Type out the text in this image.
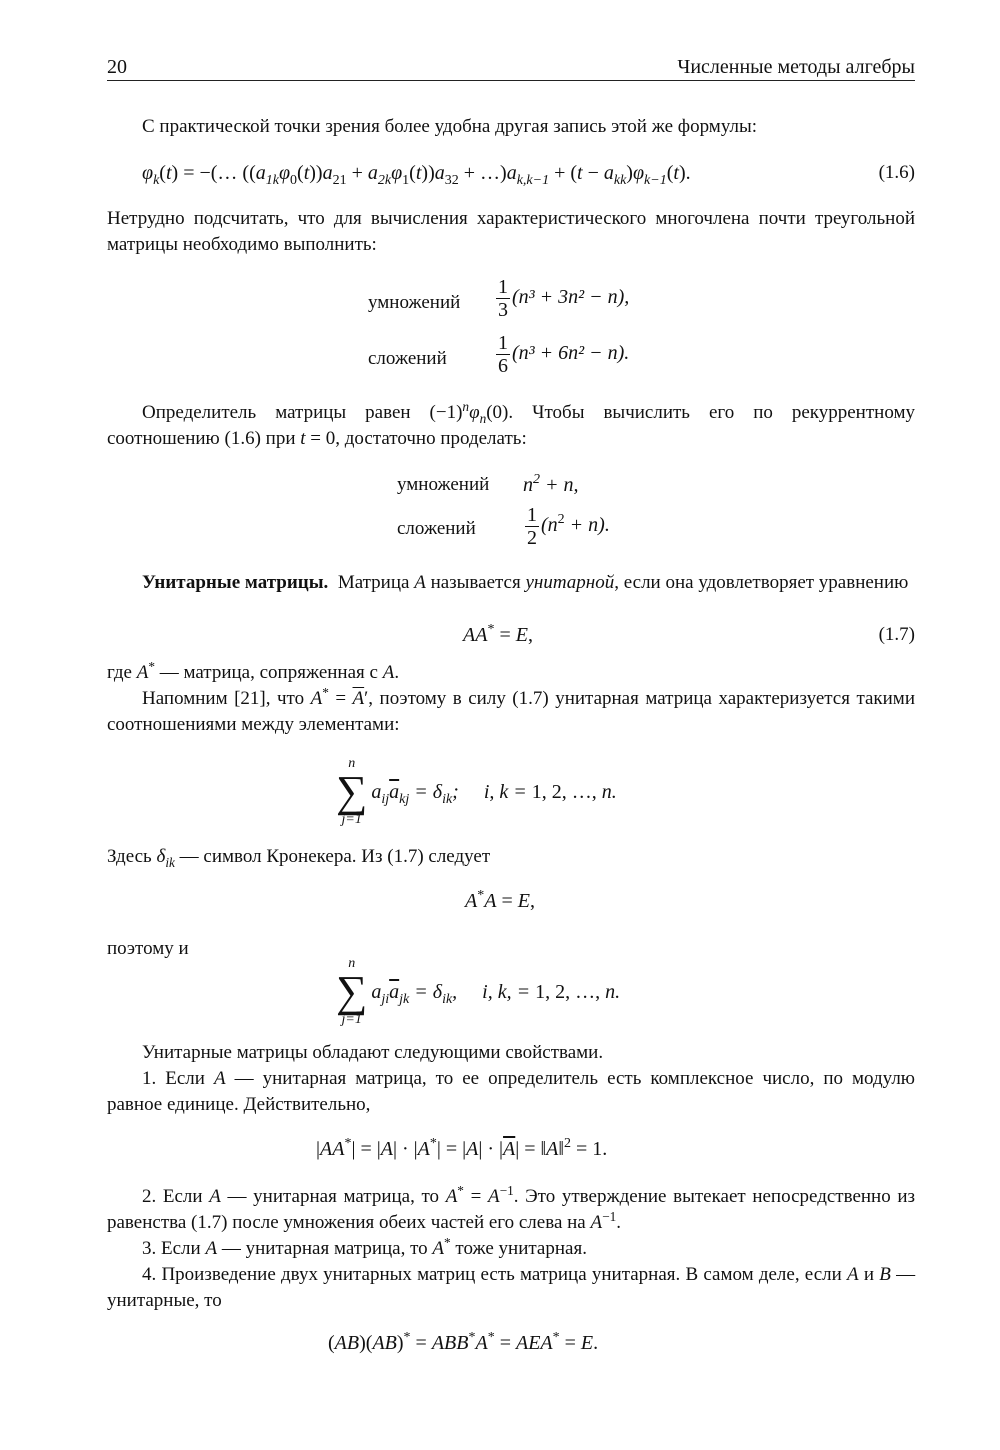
20	Численные методы алгебры
С практической точки зрения более удобна другая запись этой же формулы:
$\varphi_k(t)$ = −(… $((a_{1k}\varphi_0(t))a_{21} + a_{2k}\varphi_1(t))a_{32}$ + $\dots)a_{k,k-1} + (t - a_{kk})\varphi_{k-1}(t)$.	(1.6)
Нетрудно подсчитать, что для вычисления характеристического многочлена почти треугольной матрицы необходимо выполнить:
умножений $\frac{1}{3} (n^3 + 3n^2 - n)$,
сложений $\frac{1}{6} (n^3 + 6n^2 - n)$.
Определитель матрицы равен $(-1)^n\varphi_n(0)$. Чтобы вычислить его по рекуррентному соотношению (1.6) при t = 0, достаточно проделать:
умножений $n^2 + n$,
сложений $\frac{1}{2} (n^2 + n)$.
Унитарные матрицы. Матрица A называется унитарной, если она удовлетворяет уравнению
AA* = E,	(1.7)
где A* — матрица, сопряженная с A.
Напомним [21], что $A^* = \overline{A}'$, поэтому в силу (1.7) унитарная матрица характеризуется такими соотношениями между элементами:
n
∑
j=1
$a_{ij}\overline{a}_{kj} = \delta_{ik}$;     i, k = 1, 2, …, n.
Здесь $\delta_{ik}$ — символ Кронекера. Из (1.7) следует
A*A = E,
поэтому и
n
∑
j=1
$a_{ji}\overline{a}_{jk} = \delta_{ik}$,     i, k, = 1, 2, …, n.
Унитарные матрицы обладают следующими свойствами.
1. Если A — унитарная матрица, то ее определитель есть комплексное число, по модулю равное единице. Действительно,
$|AA^*| = |A| \cdot |A^*| = |A| \cdot |\overline{A}|$ = ‖A‖$^2$ = 1.
2. Если A — унитарная матрица, то $A^* = A^{-1}$. Это утверждение вытекает непосредственно из равенства (1.7) после умножения обеих частей его слева на $A^{-1}$.
3. Если A — унитарная матрица, то A* тоже унитарная.
4. Произведение двух унитарных матриц есть матрица унитарная. В самом деле, если A и B — унитарные, то
(AB)(AB)* = ABB*A* = AEA* = E.
